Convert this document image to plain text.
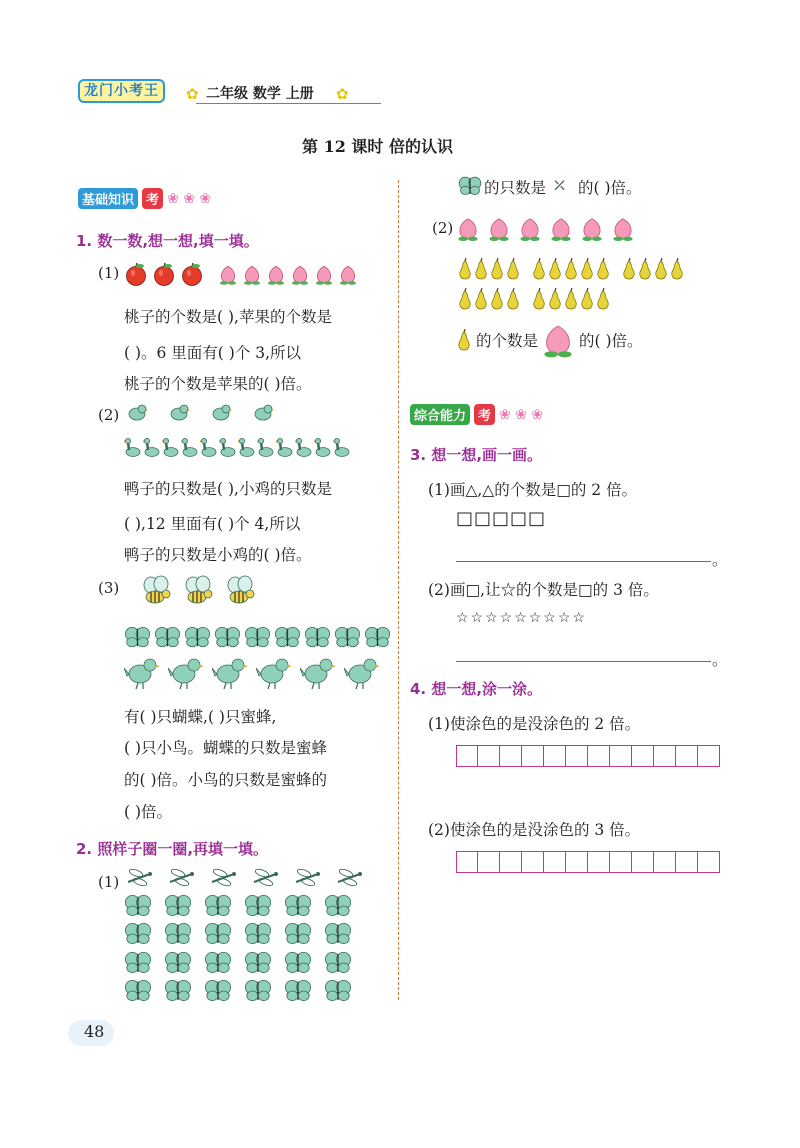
龙门小考王	✿ 二年级 数学 上册 ✿
第 12 课时 倍的认识
基础知识 考 ❀ ❀ ❀
1. 数一数,想一想,填一填。
(1)
桃子的个数是( ),苹果的个数是
( )。6 里面有( )个 3,所以
桃子的个数是苹果的( )倍。
(2)
鸭子的只数是( ),小鸡的只数是
( ),12 里面有( )个 4,所以
鸭子的只数是小鸡的( )倍。
(3)
有( )只蝴蝶,( )只蜜蜂,
( )只小鸟。蝴蝶的只数是蜜蜂
的( )倍。小鸟的只数是蜜蜂的
( )倍。
2. 照样子圈一圈,再填一填。
(1)
48
的只数是 ⤫ 的( )倍。
(2)
的个数是	的( )倍。
综合能力 考 ❀ ❀ ❀
3. 想一想,画一画。
(1)画△,△的个数是□的 2 倍。
□□□□□
。
(2)画□,让☆的个数是□的 3 倍。
☆☆☆☆☆☆☆☆☆
。
4. 想一想,涂一涂。
(1)使涂色的是没涂色的 2 倍。
(2)使涂色的是没涂色的 3 倍。
